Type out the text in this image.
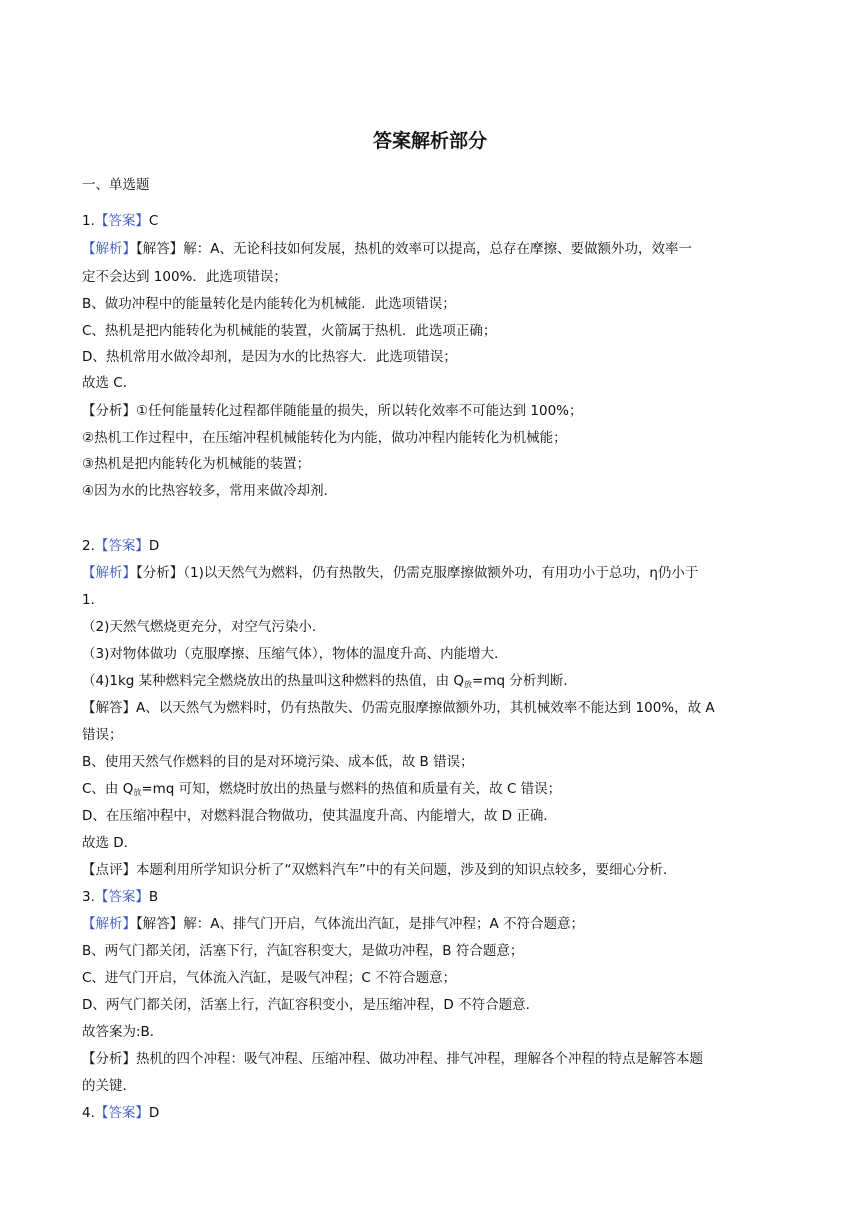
答案解析部分
一、单选题
1.【答案】C
【解析】【解答】解：A、无论科技如何发展，热机的效率可以提高，总存在摩擦、要做额外功，效率一
定不会达到 100%．此选项错误；
B、做功冲程中的能量转化是内能转化为机械能．此选项错误；
C、热机是把内能转化为机械能的装置，火箭属于热机．此选项正确；
D、热机常用水做冷却剂，是因为水的比热容大．此选项错误；
故选 C．
【分析】①任何能量转化过程都伴随能量的损失，所以转化效率不可能达到 100%；
②热机工作过程中，在压缩冲程机械能转化为内能，做功冲程内能转化为机械能；
③热机是把内能转化为机械能的装置；
④因为水的比热容较多，常用来做冷却剂．
2.【答案】D
【解析】【分析】（1)以天然气为燃料，仍有热散失，仍需克服摩擦做额外功，有用功小于总功，η仍小于
1．
（2)天然气燃烧更充分，对空气污染小．
（3)对物体做功（克服摩擦、压缩气体），物体的温度升高、内能增大．
（4)1kg 某种燃料完全燃烧放出的热量叫这种燃料的热值，由 $Q_放=mq$ 分析判断．
【解答】A、以天然气为燃料时，仍有热散失、仍需克服摩擦做额外功，其机械效率不能达到 100%，故 A
错误；
B、使用天然气作燃料的目的是对环境污染、成本低，故 B 错误；
C、由 $Q_放=mq$ 可知，燃烧时放出的热量与燃料的热值和质量有关，故 C 错误；
D、在压缩冲程中，对燃料混合物做功，使其温度升高、内能增大，故 D 正确．
故选 D．
【点评】本题利用所学知识分析了“双燃料汽车”中的有关问题，涉及到的知识点较多，要细心分析．
3.【答案】B
【解析】【解答】解：A、排气门开启，气体流出汽缸，是排气冲程；A 不符合题意；
B、两气门都关闭，活塞下行，汽缸容积变大，是做功冲程，B 符合题意；
C、进气门开启，气体流入汽缸，是吸气冲程；C 不符合题意；
D、两气门都关闭，活塞上行，汽缸容积变小，是压缩冲程，D 不符合题意．
故答案为:B．
【分析】热机的四个冲程：吸气冲程、压缩冲程、做功冲程、排气冲程，理解各个冲程的特点是解答本题
的关键．
4.【答案】D
